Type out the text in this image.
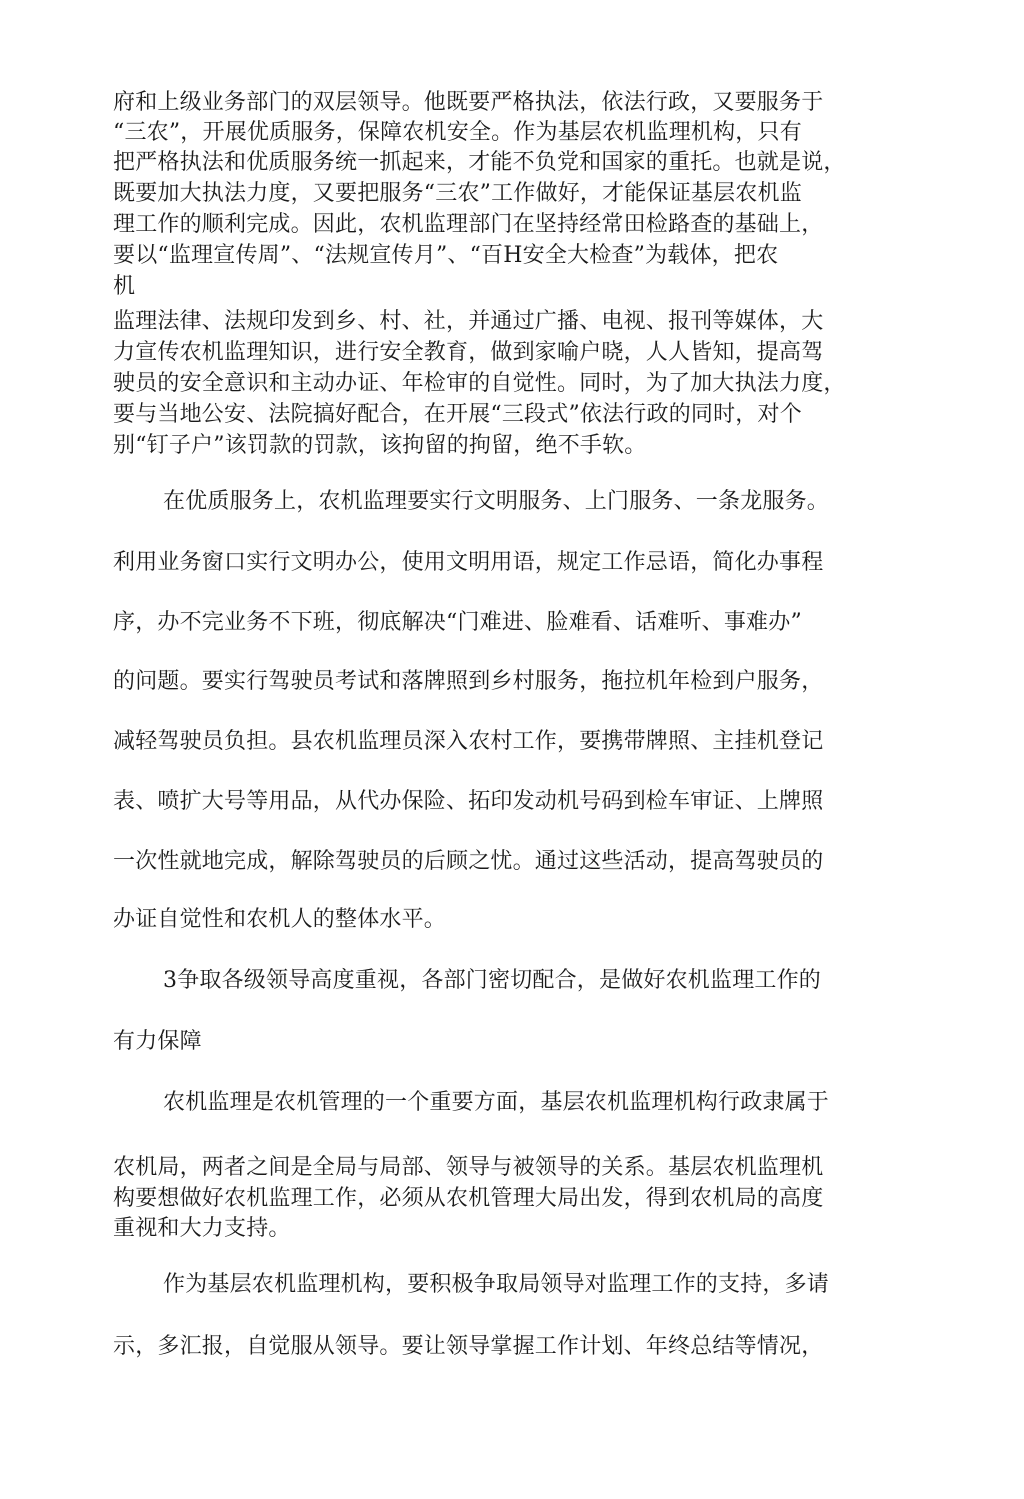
府和上级业务部门的双层领导。他既要严格执法，依法行政，又要服务于
“三农”，开展优质服务，保障农机安全。作为基层农机监理机构，只有
把严格执法和优质服务统一抓起来，才能不负党和国家的重托。也就是说，
既要加大执法力度，又要把服务“三农”工作做好，才能保证基层农机监
理工作的顺利完成。因此，农机监理部门在坚持经常田检路查的基础上，
要以“监理宣传周”、“法规宣传月”、“百H安全大检查”为载体，把农
机
监理法律、法规印发到乡、村、社，并通过广播、电视、报刊等媒体，大
力宣传农机监理知识，进行安全教育，做到家喻户晓，人人皆知，提高驾
驶员的安全意识和主动办证、年检审的自觉性。同时，为了加大执法力度，
要与当地公安、法院搞好配合，在开展“三段式”依法行政的同时，对个
别“钉子户”该罚款的罚款，该拘留的拘留，绝不手软。
在优质服务上，农机监理要实行文明服务、上门服务、一条龙服务。
利用业务窗口实行文明办公，使用文明用语，规定工作忌语，简化办事程
序，办不完业务不下班，彻底解决“门难进、脸难看、话难听、事难办”
的问题。要实行驾驶员考试和落牌照到乡村服务，拖拉机年检到户服务，
减轻驾驶员负担。县农机监理员深入农村工作，要携带牌照、主挂机登记
表、喷扩大号等用品，从代办保险、拓印发动机号码到检车审证、上牌照
一次性就地完成，解除驾驶员的后顾之忧。通过这些活动，提高驾驶员的
办证自觉性和农机人的整体水平。
3争取各级领导高度重视，各部门密切配合，是做好农机监理工作的
有力保障
农机监理是农机管理的一个重要方面，基层农机监理机构行政隶属于
农机局，两者之间是全局与局部、领导与被领导的关系。基层农机监理机
构要想做好农机监理工作，必须从农机管理大局出发，得到农机局的高度
重视和大力支持。
作为基层农机监理机构，要积极争取局领导对监理工作的支持，多请
示，多汇报，自觉服从领导。要让领导掌握工作计划、年终总结等情况，
